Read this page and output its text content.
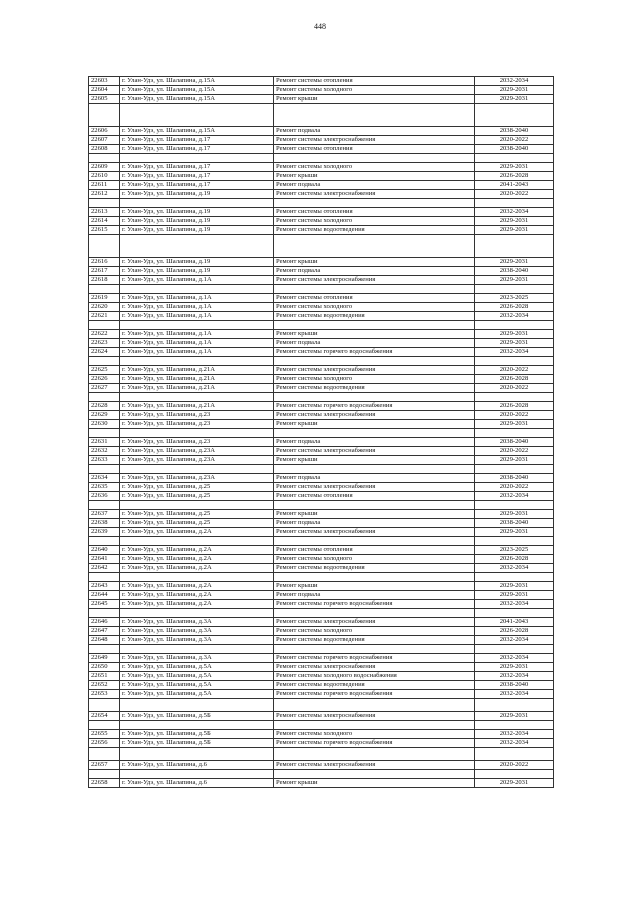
448
22603	г. Улан-Удэ, ул. Шалапина, д.15А	Ремонт системы отопления	2032-2034
22604	г. Улан-Удэ, ул. Шалапина, д.15А	Ремонт системы холодного	2029-2031
22605	г. Улан-Удэ, ул. Шалапина, д.15А	Ремонт крыши	2029-2031

22606	г. Улан-Удэ, ул. Шалапина, д.15А	Ремонт подвала	2038-2040
22607	г. Улан-Удэ, ул. Шалапина, д.17	Ремонт системы электроснабжения	2020-2022
22608	г. Улан-Удэ, ул. Шалапина, д.17	Ремонт системы отопления	2038-2040

22609	г. Улан-Удэ, ул. Шалапина, д.17	Ремонт системы холодного	2029-2031
22610	г. Улан-Удэ, ул. Шалапина, д.17	Ремонт крыши	2026-2028
22611	г. Улан-Удэ, ул. Шалапина, д.17	Ремонт подвала	2041-2043
22612	г. Улан-Удэ, ул. Шалапина, д.19	Ремонт системы электроснабжения	2020-2022

22613	г. Улан-Удэ, ул. Шалапина, д.19	Ремонт системы отопления	2032-2034
22614	г. Улан-Удэ, ул. Шалапина, д.19	Ремонт системы холодного	2029-2031
22615	г. Улан-Удэ, ул. Шалапина, д.19	Ремонт системы водоотведения	2029-2031

22616	г. Улан-Удэ, ул. Шалапина, д.19	Ремонт крыши	2029-2031
22617	г. Улан-Удэ, ул. Шалапина, д.19	Ремонт подвала	2038-2040
22618	г. Улан-Удэ, ул. Шалапина, д.1А	Ремонт системы электроснабжения	2029-2031

22619	г. Улан-Удэ, ул. Шалапина, д.1А	Ремонт системы отопления	2023-2025
22620	г. Улан-Удэ, ул. Шалапина, д.1А	Ремонт системы холодного	2026-2028
22621	г. Улан-Удэ, ул. Шалапина, д.1А	Ремонт системы водоотведения	2032-2034

22622	г. Улан-Удэ, ул. Шалапина, д.1А	Ремонт крыши	2029-2031
22623	г. Улан-Удэ, ул. Шалапина, д.1А	Ремонт подвала	2029-2031
22624	г. Улан-Удэ, ул. Шалапина, д.1А	Ремонт системы горячего водоснабжения	2032-2034

22625	г. Улан-Удэ, ул. Шалапина, д.21А	Ремонт системы электроснабжения	2020-2022
22626	г. Улан-Удэ, ул. Шалапина, д.21А	Ремонт системы холодного	2026-2028
22627	г. Улан-Удэ, ул. Шалапина, д.21А	Ремонт системы водоотведения	2020-2022

22628	г. Улан-Удэ, ул. Шалапина, д.21А	Ремонт системы горячего водоснабжения	2026-2028
22629	г. Улан-Удэ, ул. Шалапина, д.23	Ремонт системы электроснабжения	2020-2022
22630	г. Улан-Удэ, ул. Шалапина, д.23	Ремонт крыши	2029-2031

22631	г. Улан-Удэ, ул. Шалапина, д.23	Ремонт подвала	2038-2040
22632	г. Улан-Удэ, ул. Шалапина, д.23А	Ремонт системы электроснабжения	2020-2022
22633	г. Улан-Удэ, ул. Шалапина, д.23А	Ремонт крыши	2029-2031

22634	г. Улан-Удэ, ул. Шалапина, д.23А	Ремонт подвала	2038-2040
22635	г. Улан-Удэ, ул. Шалапина, д.25	Ремонт системы электроснабжения	2020-2022
22636	г. Улан-Удэ, ул. Шалапина, д.25	Ремонт системы отопления	2032-2034

22637	г. Улан-Удэ, ул. Шалапина, д.25	Ремонт крыши	2029-2031
22638	г. Улан-Удэ, ул. Шалапина, д.25	Ремонт подвала	2038-2040
22639	г. Улан-Удэ, ул. Шалапина, д.2А	Ремонт системы электроснабжения	2029-2031

22640	г. Улан-Удэ, ул. Шалапина, д.2А	Ремонт системы отопления	2023-2025
22641	г. Улан-Удэ, ул. Шалапина, д.2А	Ремонт системы холодного	2026-2028
22642	г. Улан-Удэ, ул. Шалапина, д.2А	Ремонт системы водоотведения	2032-2034

22643	г. Улан-Удэ, ул. Шалапина, д.2А	Ремонт крыши	2029-2031
22644	г. Улан-Удэ, ул. Шалапина, д.2А	Ремонт подвала	2029-2031
22645	г. Улан-Удэ, ул. Шалапина, д.2А	Ремонт системы горячего водоснабжения	2032-2034

22646	г. Улан-Удэ, ул. Шалапина, д.3А	Ремонт системы электроснабжения	2041-2043
22647	г. Улан-Удэ, ул. Шалапина, д.3А	Ремонт системы холодного	2026-2028
22648	г. Улан-Удэ, ул. Шалапина, д.3А	Ремонт системы водоотведения	2032-2034

22649	г. Улан-Удэ, ул. Шалапина, д.3А	Ремонт системы горячего водоснабжения	2032-2034
22650	г. Улан-Удэ, ул. Шалапина, д.5А	Ремонт системы электроснабжения	2029-2031
22651	г. Улан-Удэ, ул. Шалапина, д.5А	Ремонт системы холодного водоснабжения	2032-2034
22652	г. Улан-Удэ, ул. Шалапина, д.5А	Ремонт системы водоотведения	2038-2040
22653	г. Улан-Удэ, ул. Шалапина, д.5А	Ремонт системы горячего водоснабжения	2032-2034

22654	г. Улан-Удэ, ул. Шалапина, д.5Б	Ремонт системы электроснабжения	2029-2031

22655	г. Улан-Удэ, ул. Шалапина, д.5Б	Ремонт системы холодного	2032-2034
22656	г. Улан-Удэ, ул. Шалапина, д.5Б	Ремонт системы горячего водоснабжения	2032-2034

22657	г. Улан-Удэ, ул. Шалапина, д.6	Ремонт системы электроснабжения	2020-2022

22658	г. Улан-Удэ, ул. Шалапина, д.6	Ремонт крыши	2029-2031
